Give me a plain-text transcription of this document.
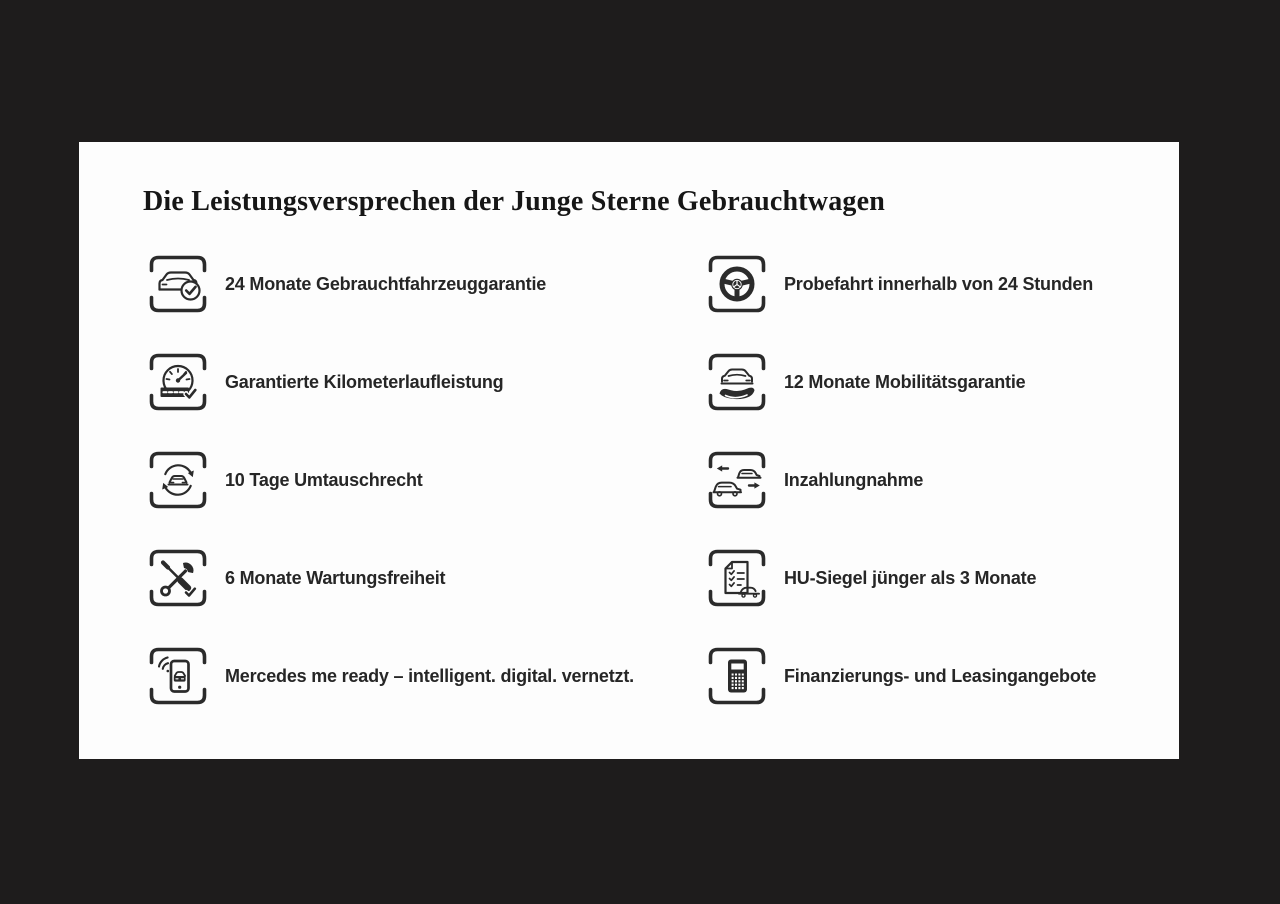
Die Leistungsversprechen der Junge Sterne Gebrauchtwagen
24 Monate Gebrauchtfahrzeuggarantie
Garantierte Kilometerlaufleistung
10 Tage Umtauschrecht
6 Monate Wartungsfreiheit
Mercedes me ready – intelligent. digital. vernetzt.
Probefahrt innerhalb von 24 Stunden
12 Monate Mobilitätsgarantie
Inzahlungnahme
HU-Siegel jünger als 3 Monate
Finanzierungs- und Leasingangebote
